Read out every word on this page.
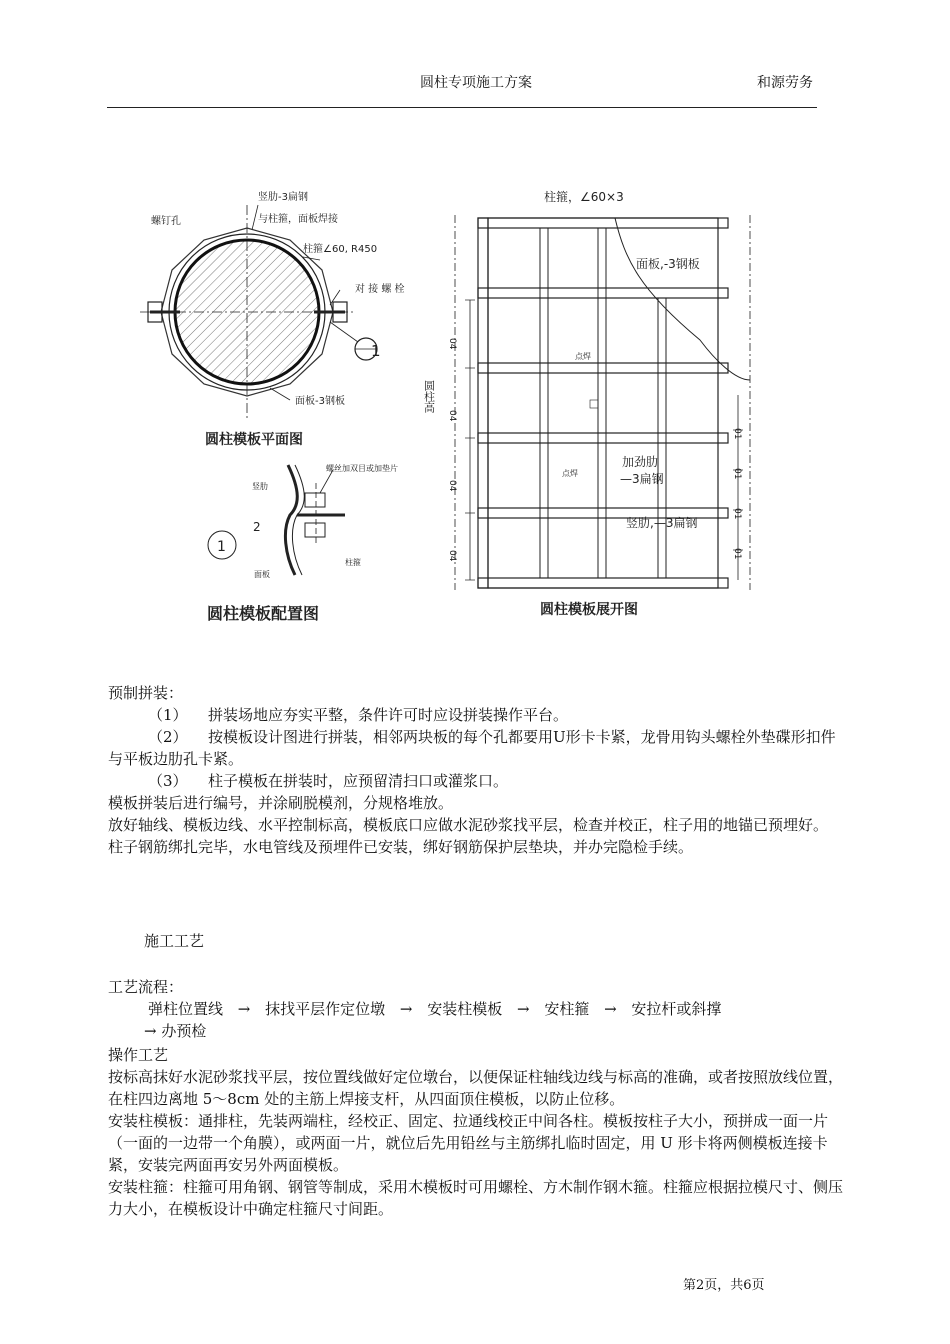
圆柱专项施工方案	和源劳务
竖肋-3扁钢
与柱箍，面板焊接
螺钉孔
柱箍∠60, R450
对 接 螺 栓
面板-3钢板
1
圆柱模板平面图
1
螺丝加双目或加垫片
竖肋
2
面板
柱箍
圆柱模板配置图
04
04
04
04
01
01
01
01
圆柱高
柱箍，∠60×3
面板,-3钢板
点焊
点焊
加劲肋
—3扁钢
竖肋,—3扁钢
圆柱模板展开图
预制拼装：
（1） 拼装场地应夯实平整，条件许可时应设拼装操作平台。
（2） 按模板设计图进行拼装，相邻两块板的每个孔都要用U形卡卡紧，龙骨用钩头螺栓外垫碟形扣件与平板边肋孔卡紧。
（3） 柱子模板在拼装时，应预留清扫口或灌浆口。
模板拼装后进行编号，并涂刷脱模剂，分规格堆放。
放好轴线、模板边线、水平控制标高，模板底口应做水泥砂浆找平层，检查并校正，柱子用的地锚已预埋好。
柱子钢筋绑扎完毕，水电管线及预埋件已安装，绑好钢筋保护层垫块，并办完隐检手续。
施工工艺
工艺流程：
弹柱位置线 → 抹找平层作定位墩 → 安装柱模板 → 安柱箍 → 安拉杆或斜撑
→ 办预检
操作工艺
按标高抹好水泥砂浆找平层，按位置线做好定位墩台，以便保证柱轴线边线与标高的准确，或者按照放线位置，在柱四边离地 5～8cm 处的主筋上焊接支杆，从四面顶住模板，以防止位移。
安装柱模板：通排柱，先装两端柱，经校正、固定、拉通线校正中间各柱。模板按柱子大小，预拼成一面一片（一面的一边带一个角膜），或两面一片，就位后先用铅丝与主筋绑扎临时固定，用 U 形卡将两侧模板连接卡紧，安装完两面再安另外两面模板。
安装柱箍：柱箍可用角钢、钢管等制成，采用木模板时可用螺栓、方木制作钢木箍。柱箍应根据拉模尺寸、侧压力大小，在模板设计中确定柱箍尺寸间距。
第2页，共6页
